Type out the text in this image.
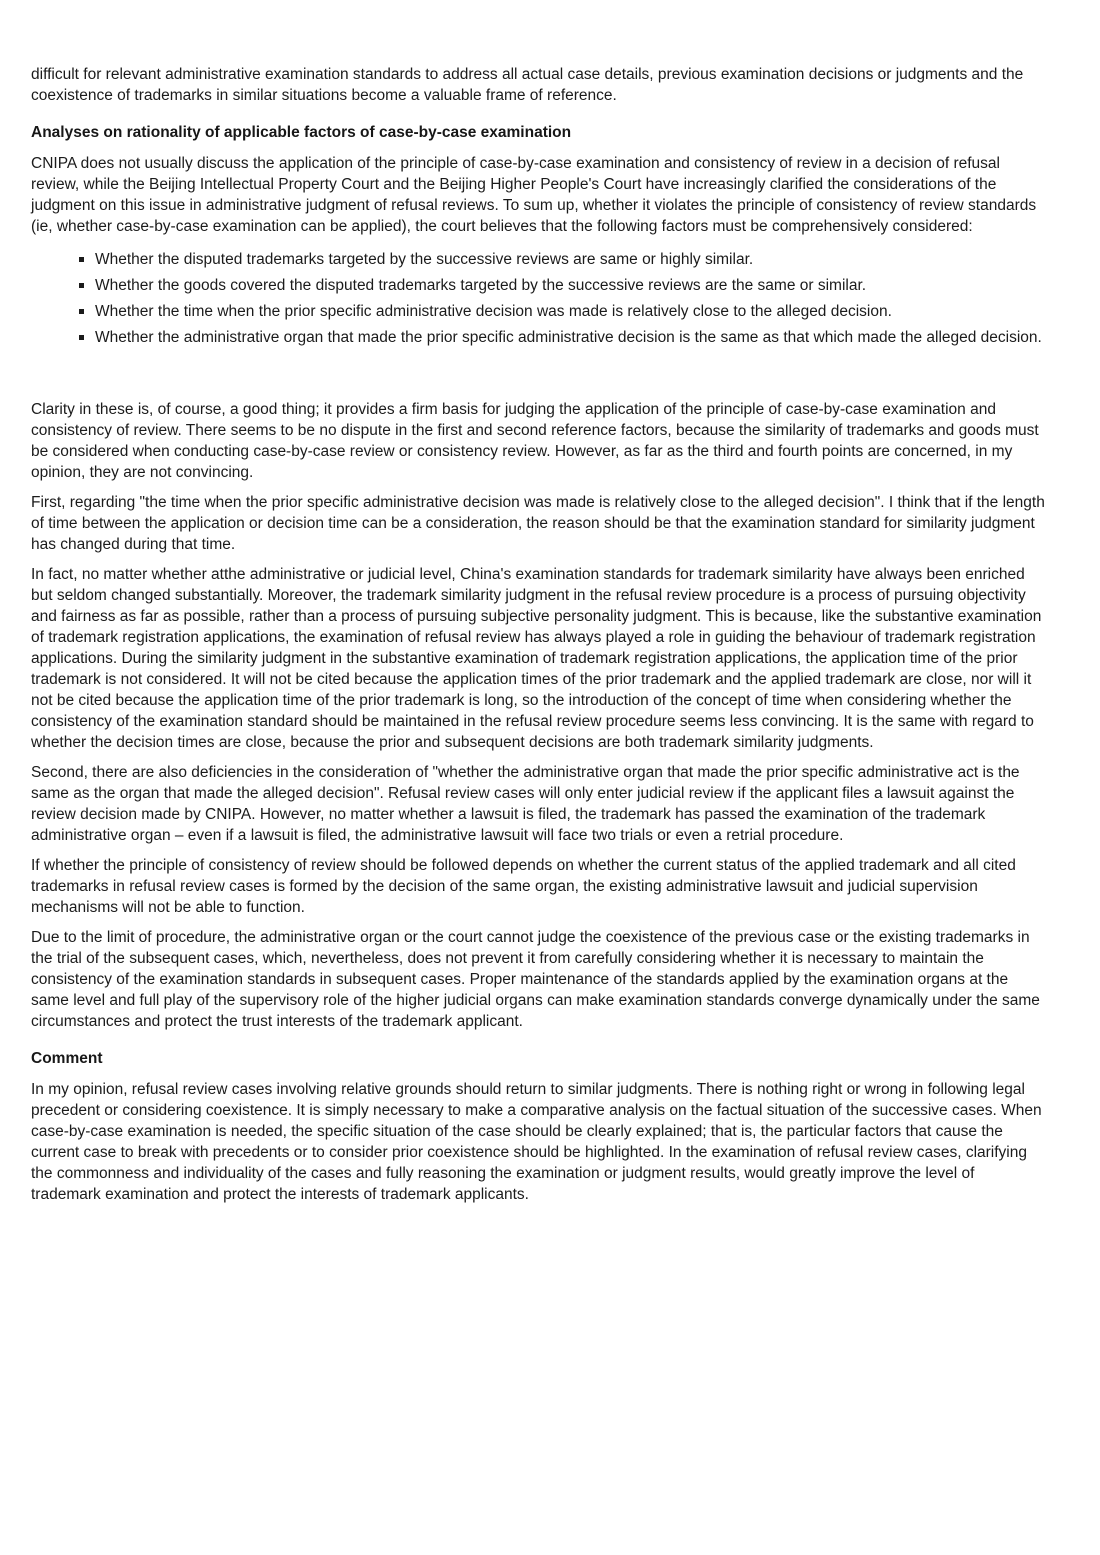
difficult for relevant administrative examination standards to address all actual case details, previous examination decisions or judgments and the coexistence of trademarks in similar situations become a valuable frame of reference.

Analyses on rationality of applicable factors of case-by-case examination

CNIPA does not usually discuss the application of the principle of case-by-case examination and consistency of review in a decision of refusal review, while the Beijing Intellectual Property Court and the Beijing Higher People's Court have increasingly clarified the considerations of the judgment on this issue in administrative judgment of refusal reviews. To sum up, whether it violates the principle of consistency of review standards (ie, whether case-by-case examination can be applied), the court believes that the following factors must be comprehensively considered:

Whether the disputed trademarks targeted by the successive reviews are same or highly similar.
Whether the goods covered the disputed trademarks targeted by the successive reviews are the same or similar.
Whether the time when the prior specific administrative decision was made is relatively close to the alleged decision.
Whether the administrative organ that made the prior specific administrative decision is the same as that which made the alleged decision.

Clarity in these is, of course, a good thing; it provides a firm basis for judging the application of the principle of case-by-case examination and consistency of review. There seems to be no dispute in the first and second reference factors, because the similarity of trademarks and goods must be considered when conducting case-by-case review or consistency review. However, as far as the third and fourth points are concerned, in my opinion, they are not convincing.

First, regarding "the time when the prior specific administrative decision was made is relatively close to the alleged decision". I think that if the length of time between the application or decision time can be a consideration, the reason should be that the examination standard for similarity judgment has changed during that time.

In fact, no matter whether atthe administrative or judicial level, China's examination standards for trademark similarity have always been enriched but seldom changed substantially. Moreover, the trademark similarity judgment in the refusal review procedure is a process of pursuing objectivity and fairness as far as possible, rather than a process of pursuing subjective personality judgment. This is because, like the substantive examination of trademark registration applications, the examination of refusal review has always played a role in guiding the behaviour of trademark registration applications. During the similarity judgment in the substantive examination of trademark registration applications, the application time of the prior trademark is not considered. It will not be cited because the application times of the prior trademark and the applied trademark are close, nor will it not be cited because the application time of the prior trademark is long, so the introduction of the concept of time when considering whether the consistency of the examination standard should be maintained in the refusal review procedure seems less convincing. It is the same with regard to whether the decision times are close, because the prior and subsequent decisions are both trademark similarity judgments.

Second, there are also deficiencies in the consideration of "whether the administrative organ that made the prior specific administrative act is the same as the organ that made the alleged decision". Refusal review cases will only enter judicial review if the applicant files a lawsuit against the review decision made by CNIPA. However, no matter whether a lawsuit is filed, the trademark has passed the examination of the trademark administrative organ – even if a lawsuit is filed, the administrative lawsuit will face two trials or even a retrial procedure.

If whether the principle of consistency of review should be followed depends on whether the current status of the applied trademark and all cited trademarks in refusal review cases is formed by the decision of the same organ, the existing administrative lawsuit and judicial supervision mechanisms will not be able to function.

Due to the limit of procedure, the administrative organ or the court cannot judge the coexistence of the previous case or the existing trademarks in the trial of the subsequent cases, which, nevertheless, does not prevent it from carefully considering whether it is necessary to maintain the consistency of the examination standards in subsequent cases. Proper maintenance of the standards applied by the examination organs at the same level and full play of the supervisory role of the higher judicial organs can make examination standards converge dynamically under the same circumstances and protect the trust interests of the trademark applicant.

Comment

In my opinion, refusal review cases involving relative grounds should return to similar judgments. There is nothing right or wrong in following legal precedent or considering coexistence. It is simply necessary to make a comparative analysis on the factual situation of the successive cases. When case-by-case examination is needed, the specific situation of the case should be clearly explained; that is, the particular factors that cause the current case to break with precedents or to consider prior coexistence should be highlighted. In the examination of refusal review cases, clarifying the commonness and individuality of the cases and fully reasoning the examination or judgment results, would greatly improve the level of trademark examination and protect the interests of trademark applicants.
